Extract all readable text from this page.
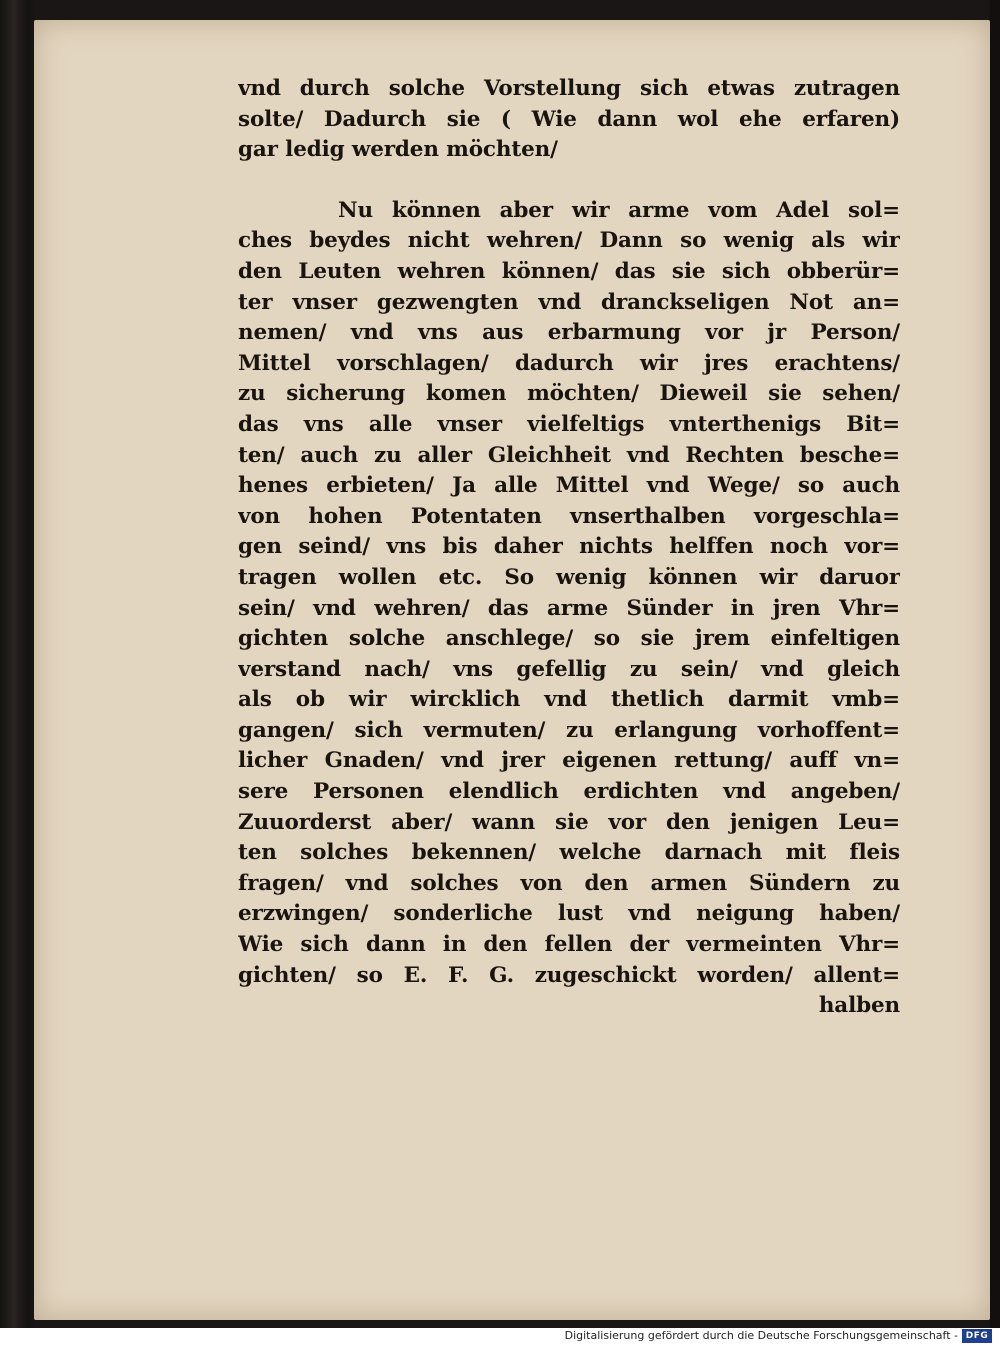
vnd durch solche Vorstellung sich etwas zutragen
solte/ Dadurch sie ( Wie dann wol ehe erfaren)
gar ledig werden möchten/
Nu können aber wir arme vom Adel sol=
ches beydes nicht wehren/ Dann so wenig als wir
den Leuten wehren können/ das sie sich obberür=
ter vnser gezwengten vnd dranckseligen Not an=
nemen/ vnd vns aus erbarmung vor jr Person/
Mittel vorschlagen/ dadurch wir jres erachtens/
zu sicherung komen möchten/ Dieweil sie sehen/
das vns alle vnser vielfeltigs vnterthenigs Bit=
ten/ auch zu aller Gleichheit vnd Rechten besche=
henes erbieten/ Ja alle Mittel vnd Wege/ so auch
von hohen Potentaten vnserthalben vorgeschla=
gen seind/ vns bis daher nichts helffen noch vor=
tragen wollen etc. So wenig können wir daruor
sein/ vnd wehren/ das arme Sünder in jren Vhr=
gichten solche anschlege/ so sie jrem einfeltigen
verstand nach/ vns gefellig zu sein/ vnd gleich
als ob wir wircklich vnd thetlich darmit vmb=
gangen/ sich vermuten/ zu erlangung vorhoffent=
licher Gnaden/ vnd jrer eigenen rettung/ auff vn=
sere Personen elendlich erdichten vnd angeben/
Zuuorderst aber/ wann sie vor den jenigen Leu=
ten solches bekennen/ welche darnach mit fleis
fragen/ vnd solches von den armen Sündern zu
erzwingen/ sonderliche lust vnd neigung haben/
Wie sich dann in den fellen der vermeinten Vhr=
gichten/ so E. F. G. zugeschickt worden/ allent=
halben
Digitalisierung gefördert durch die Deutsche Forschungsgemeinschaft - DFG
